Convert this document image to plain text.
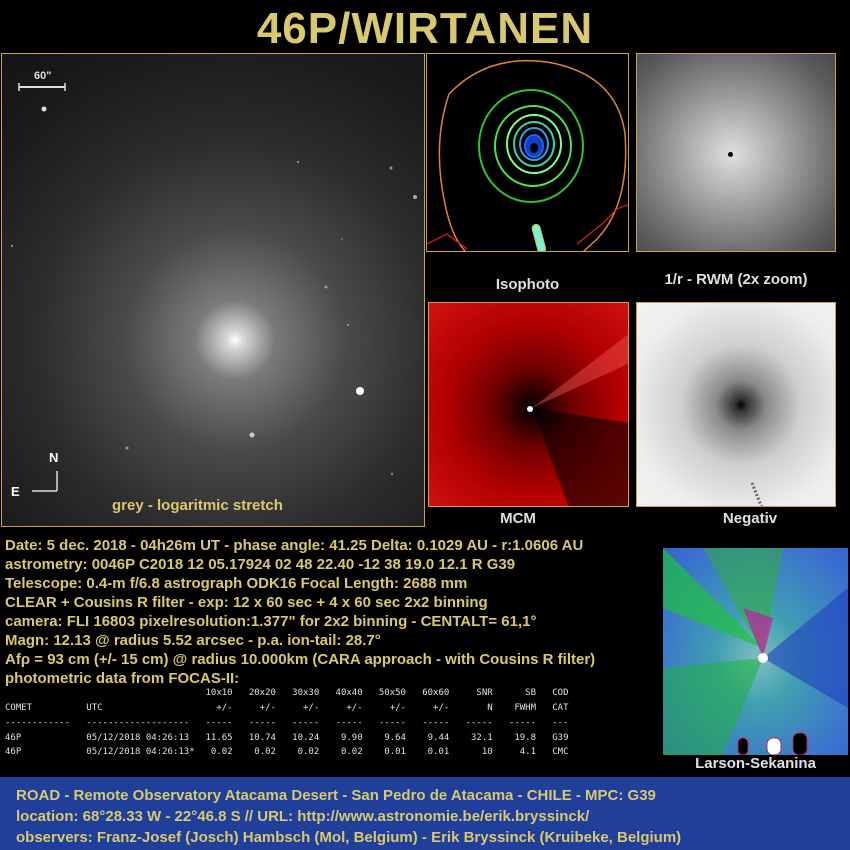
46P/WIRTANEN
60"
N
E
grey - logaritmic stretch
Isophoto	1/r - RWM (2x zoom)
MCM	Negativ
Larson-Sekanina
Date: 5 dec. 2018 - 04h26m UT - phase angle: 41.25 Delta: 0.1029 AU - r:1.0606 AU
astrometry: 0046P C2018 12 05.17924 02 48 22.40 -12 38 19.0 12.1 R G39
Telescope: 0.4-m f/6.8 astrograph ODK16 Focal Length: 2688 mm
CLEAR + Cousins R filter - exp: 12 x 60 sec + 4 x 60 sec 2x2 binning
camera: FLI 16803 pixelresolution:1.377" for 2x2 binning - CENTALT= 61,1°
Magn: 12.13 @ radius 5.52 arcsec - p.a. ion-tail: 28.7°
Afρ = 93 cm (+/- 15 cm) @ radius 10.000km (CARA approach - with Cousins R filter)
photometric data from FOCAS-II:
10x10   20x20   30x30   40x40   50x50   60x60     SNR      SB   COD
COMET          UTC                     +/-     +/-     +/-     +/-     +/-     +/-       N    FWHM   CAT
------------   -------------------   -----   -----   -----   -----   -----   -----   -----   -----   ---
46P            05/12/2018 04:26:13   11.65   10.74   10.24    9.90    9.64    9.44    32.1    19.8   G39
46P            05/12/2018 04:26:13*   0.02    0.02    0.02    0.02    0.01    0.01      10     4.1   CMC
ROAD - Remote Observatory Atacama Desert - San Pedro de Atacama - CHILE - MPC: G39
location: 68°28.33 W - 22°46.8 S // URL: http://www.astronomie.be/erik.bryssinck/
observers: Franz-Josef (Josch) Hambsch (Mol, Belgium) - Erik Bryssinck (Kruibeke, Belgium)
